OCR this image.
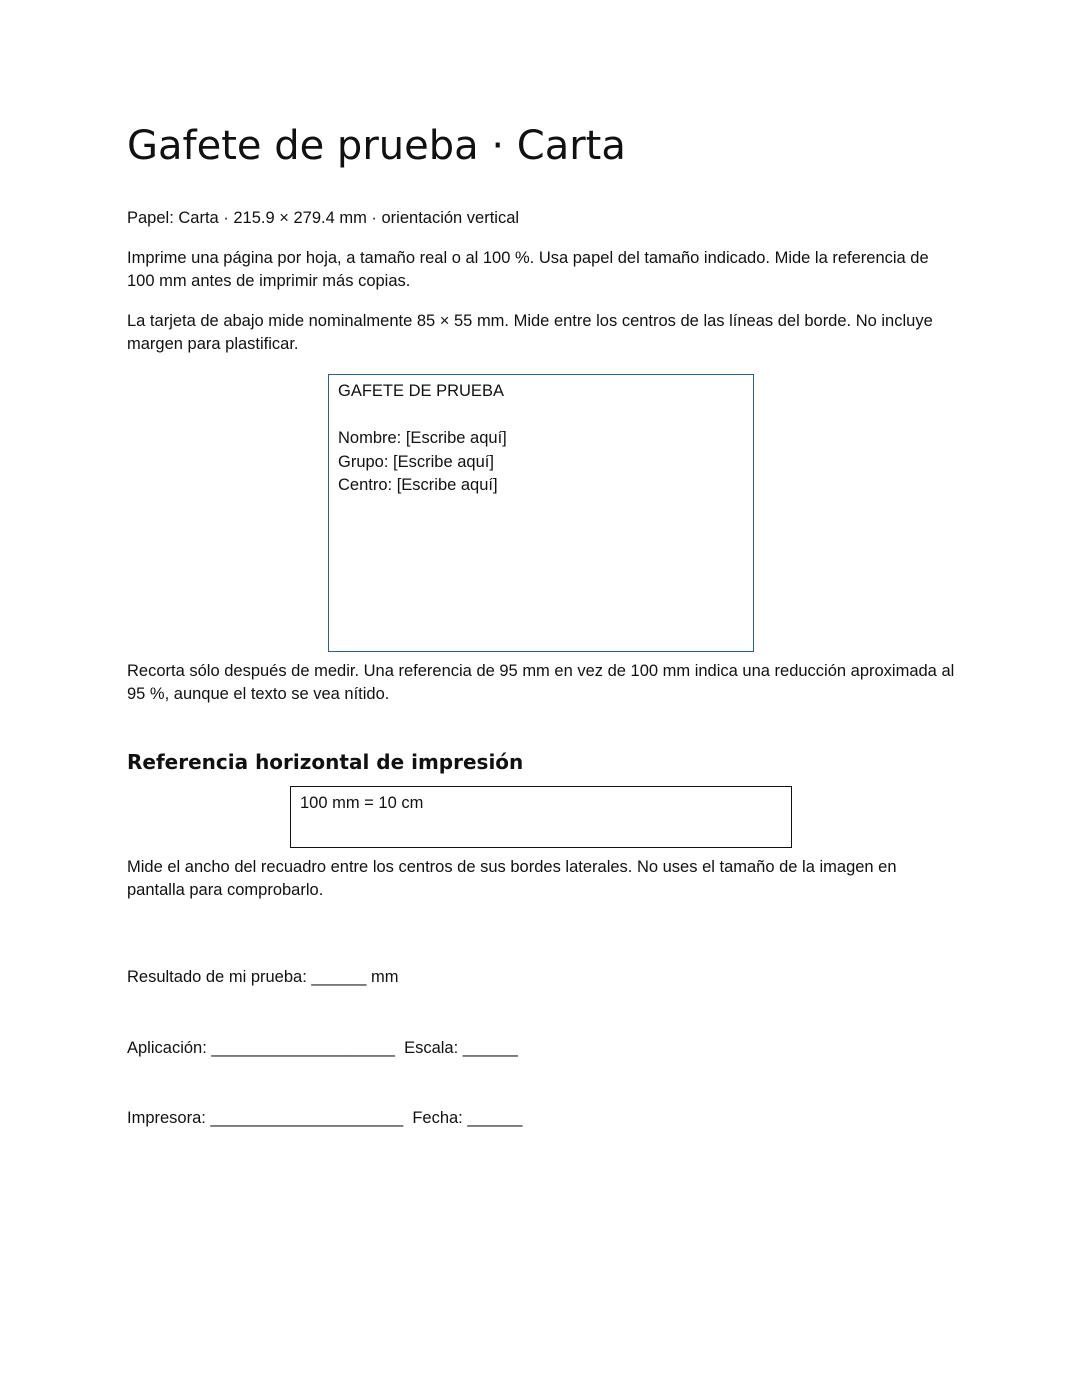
Gafete de prueba · Carta

Papel: Carta · 215.9 × 279.4 mm · orientación vertical

Imprime una página por hoja, a tamaño real o al 100 %. Usa papel del tamaño indicado. Mide la referencia de 100 mm antes de imprimir más copias.

La tarjeta de abajo mide nominalmente 85 × 55 mm. Mide entre los centros de las líneas del borde. No incluye margen para plastificar.

Recorta sólo después de medir. Una referencia de 95 mm en vez de 100 mm indica una reducción aproximada al 95 %, aunque el texto se vea nítido.

Referencia horizontal de impresión

Mide el ancho del recuadro entre los centros de sus bordes laterales. No uses el tamaño de la imagen en pantalla para comprobarlo.

Resultado de mi prueba: ______ mm

Aplicación: ____________________  Escala: ______

Impresora: _____________________  Fecha: ______

GAFETE DE PRUEBA
Nombre: [Escribe aquí]
Grupo: [Escribe aquí]
Centro: [Escribe aquí]
100 mm = 10 cm
